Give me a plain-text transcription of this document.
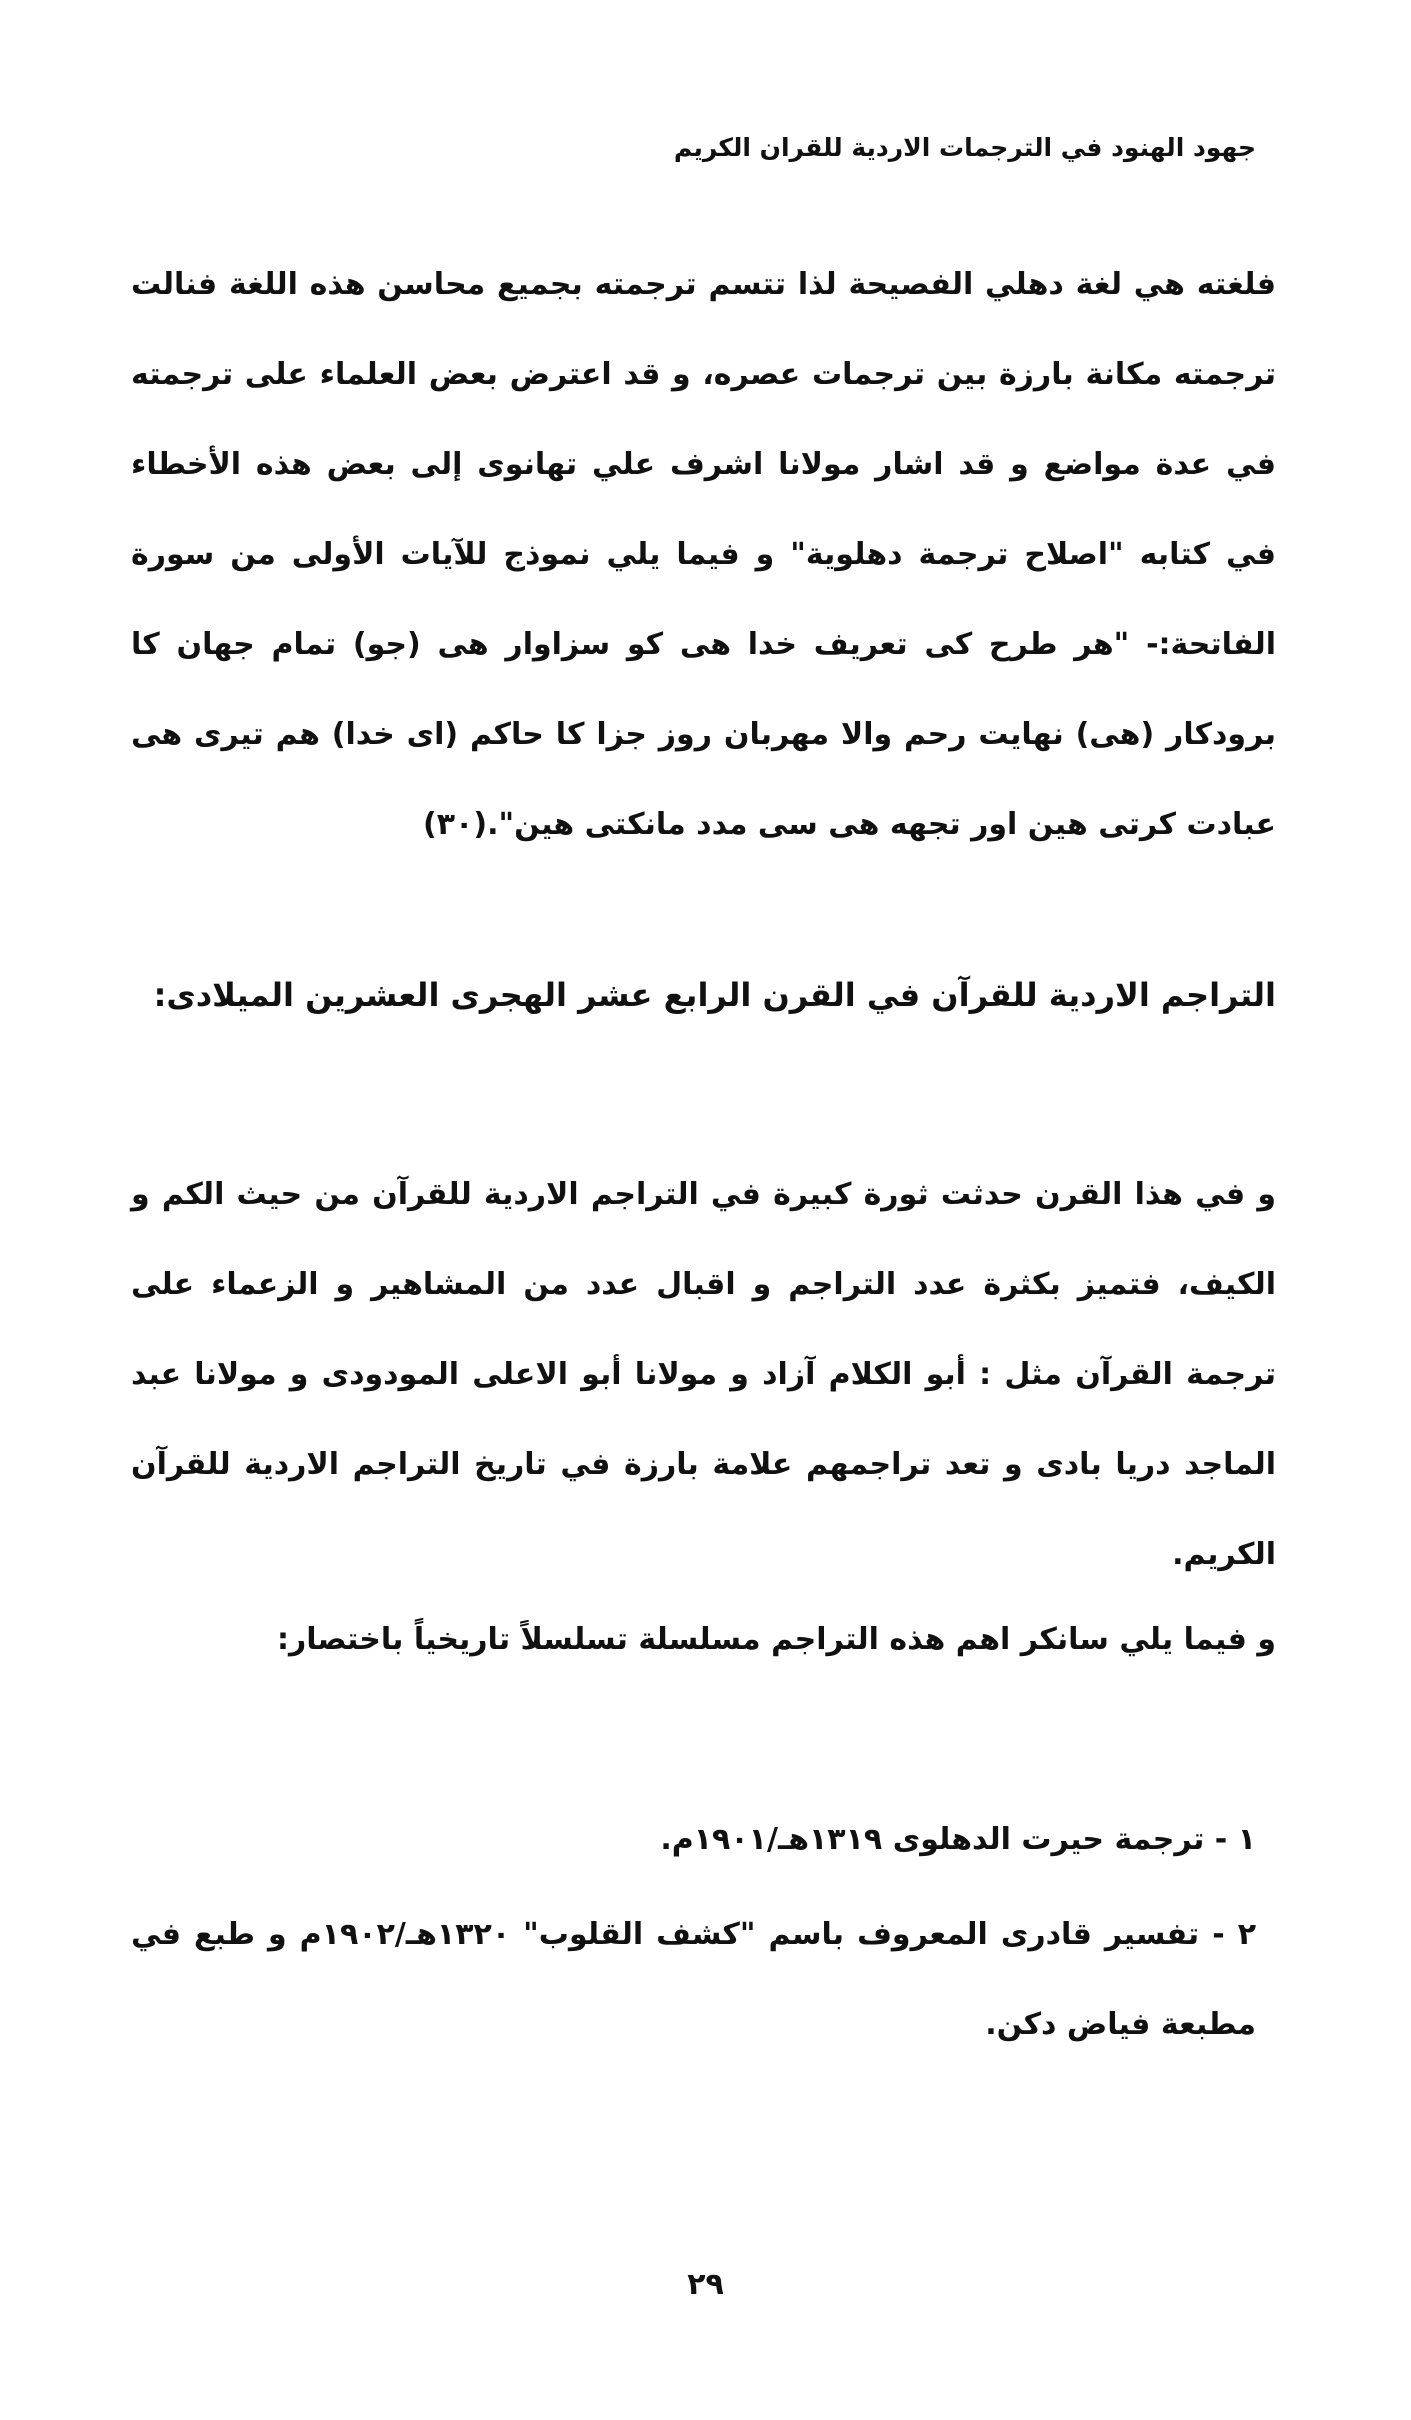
جهود الهنود في الترجمات الاردية للقران الكريم

فلغته هي لغة دهلي الفصيحة لذا تتسم ترجمته بجميع محاسن هذه اللغة فنالت ترجمته مكانة بارزة بين ترجمات عصره، و قد اعترض بعض العلماء على ترجمته في عدة مواضع و قد اشار مولانا اشرف علي تهانوى إلى بعض هذه الأخطاء في كتابه "اصلاح ترجمة دهلوية" و فيما يلي نموذج للآيات الأولى من سورة الفاتحة:- "هر طرح كى تعريف خدا هى كو سزاوار هى (جو) تمام جهان كا برودكار (هى) نهايت رحم والا مهربان روز جزا كا حاكم (اى خدا) هم تيرى هى عبادت كرتى هين اور تجهه هى سى مدد مانكتى هين".(٣٠)

التراجم الاردية للقرآن في القرن الرابع عشر الهجرى العشرين الميلادى:

و في هذا القرن حدثت ثورة كبيرة في التراجم الاردية للقرآن من حيث الكم و الكيف، فتميز بكثرة عدد التراجم و اقبال عدد من المشاهير و الزعماء على ترجمة القرآن مثل : أبو الكلام آزاد و مولانا أبو الاعلى المودودى و مولانا عبد الماجد دريا بادى و تعد تراجمهم علامة بارزة في تاريخ التراجم الاردية للقرآن الكريم.

و فيما يلي سانكر اهم هذه التراجم مسلسلة تسلسلاً تاريخياً باختصار:

١ - ترجمة حيرت الدهلوى ١٣١٩هـ/١٩٠١م.

٢ - تفسير قادرى المعروف باسم "كشف القلوب" ١٣٢٠هـ/١٩٠٢م و طبع في مطبعة فياض دكن.

٢٩
